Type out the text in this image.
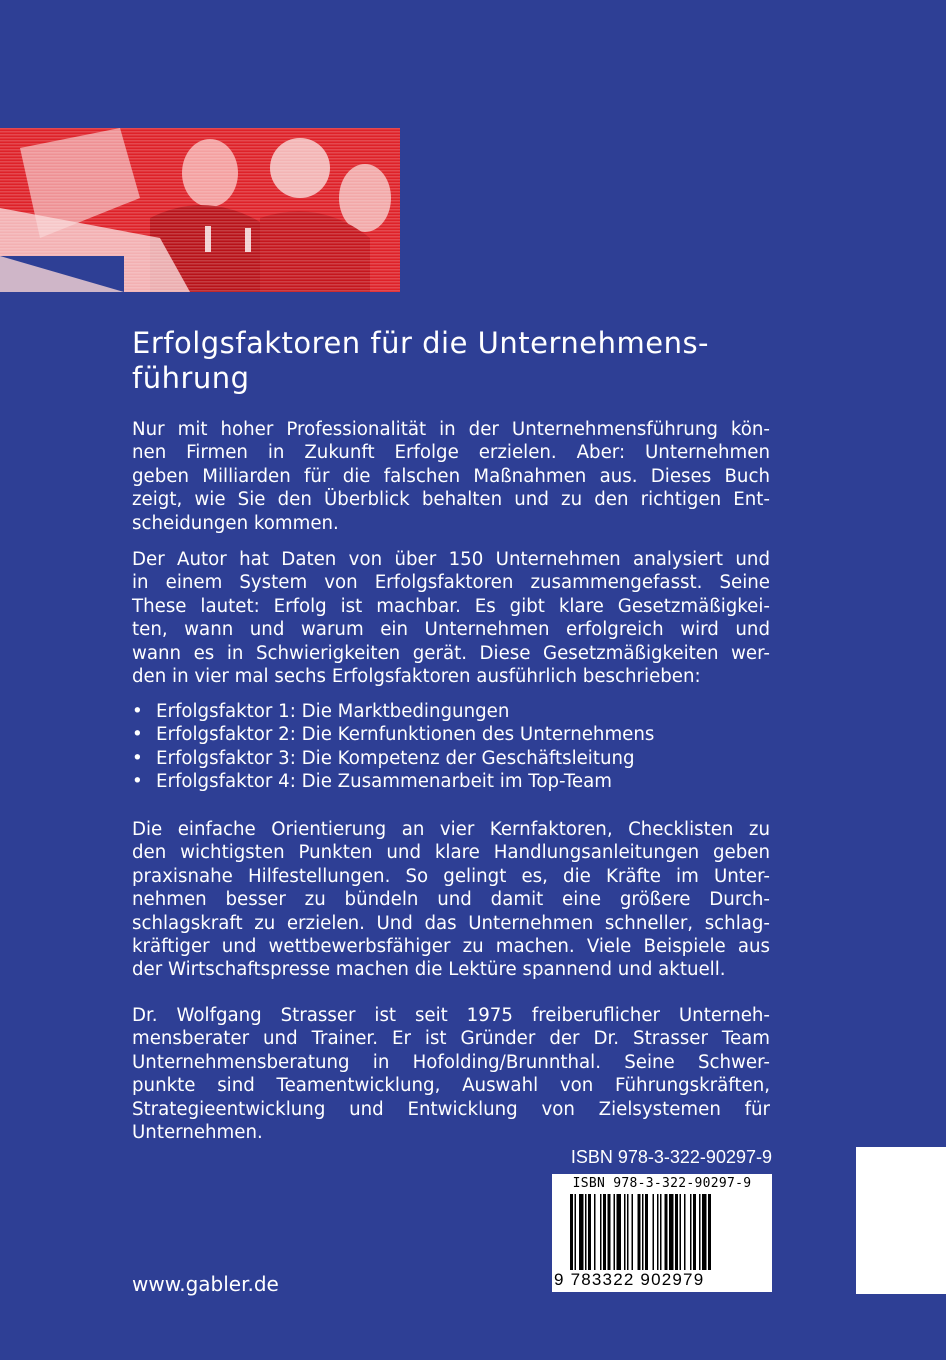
Erfolgsfaktoren für die Unternehmens-
führung

Nur mit hoher Professionalität in der Unternehmensführung kön-
nen Firmen in Zukunft Erfolge erzielen. Aber: Unternehmen
geben Milliarden für die falschen Maßnahmen aus. Dieses Buch
zeigt, wie Sie den Überblick behalten und zu den richtigen Ent-
scheidungen kommen.

Der Autor hat Daten von über 150 Unternehmen analysiert und
in einem System von Erfolgsfaktoren zusammengefasst. Seine
These lautet: Erfolg ist machbar. Es gibt klare Gesetzmäßigkei-
ten, wann und warum ein Unternehmen erfolgreich wird und
wann es in Schwierigkeiten gerät. Diese Gesetzmäßigkeiten wer-
den in vier mal sechs Erfolgsfaktoren ausführlich beschrieben:

• Erfolgsfaktor 1: Die Marktbedingungen
• Erfolgsfaktor 2: Die Kernfunktionen des Unternehmens
• Erfolgsfaktor 3: Die Kompetenz der Geschäftsleitung
• Erfolgsfaktor 4: Die Zusammenarbeit im Top-Team

Die einfache Orientierung an vier Kernfaktoren, Checklisten zu
den wichtigsten Punkten und klare Handlungsanleitungen geben
praxisnahe Hilfestellungen. So gelingt es, die Kräfte im Unter-
nehmen besser zu bündeln und damit eine größere Durch-
schlagskraft zu erzielen. Und das Unternehmen schneller, schlag-
kräftiger und wettbewerbsfähiger zu machen. Viele Beispiele aus
der Wirtschaftspresse machen die Lektüre spannend und aktuell.

Dr. Wolfgang Strasser ist seit 1975 freiberuflicher Unterneh-
mensberater und Trainer. Er ist Gründer der Dr. Strasser Team
Unternehmensberatung in Hofolding/Brunnthal. Seine Schwer-
punkte sind Teamentwicklung, Auswahl von Führungskräften,
Strategieentwicklung und Entwicklung von Zielsystemen für
Unternehmen.

ISBN 978-3-322-90297-9
ISBN 978-3-322-90297-9
9 783322 902979
www.gabler.de
